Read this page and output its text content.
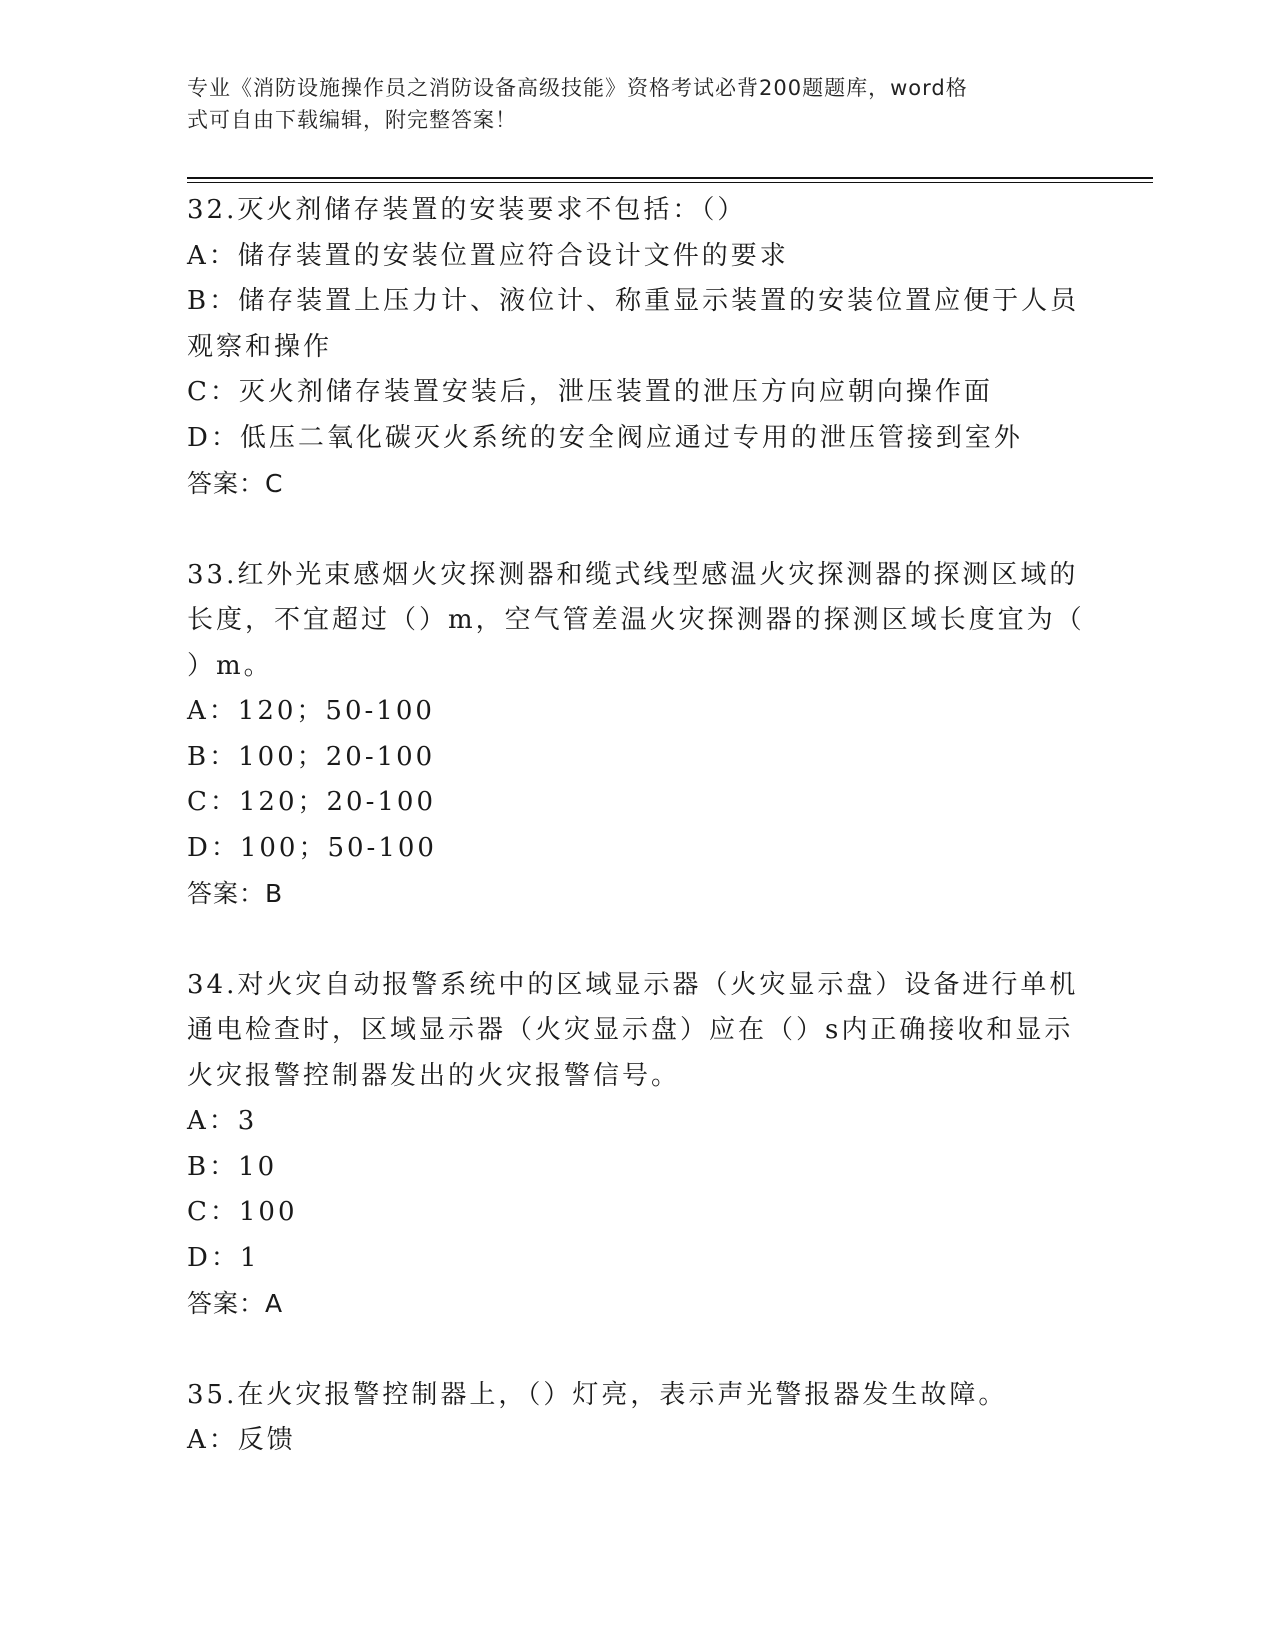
专业《消防设施操作员之消防设备高级技能》资格考试必背200题题库，word格
式可自由下载编辑，附完整答案！
32.灭火剂储存装置的安装要求不包括：（）
A：储存装置的安装位置应符合设计文件的要求
B：储存装置上压力计、液位计、称重显示装置的安装位置应便于人员
观察和操作
C：灭火剂储存装置安装后，泄压装置的泄压方向应朝向操作面
D：低压二氧化碳灭火系统的安全阀应通过专用的泄压管接到室外
答案：C
33.红外光束感烟火灾探测器和缆式线型感温火灾探测器的探测区域的
长度，不宜超过（）m，空气管差温火灾探测器的探测区域长度宜为（
）m。
A：120；50-100
B：100；20-100
C：120；20-100
D：100；50-100
答案：B
34.对火灾自动报警系统中的区域显示器（火灾显示盘）设备进行单机
通电检查时，区域显示器（火灾显示盘）应在（）s内正确接收和显示
火灾报警控制器发出的火灾报警信号。
A：3
B：10
C：100
D：1
答案：A
35.在火灾报警控制器上，（）灯亮，表示声光警报器发生故障。
A：反馈
